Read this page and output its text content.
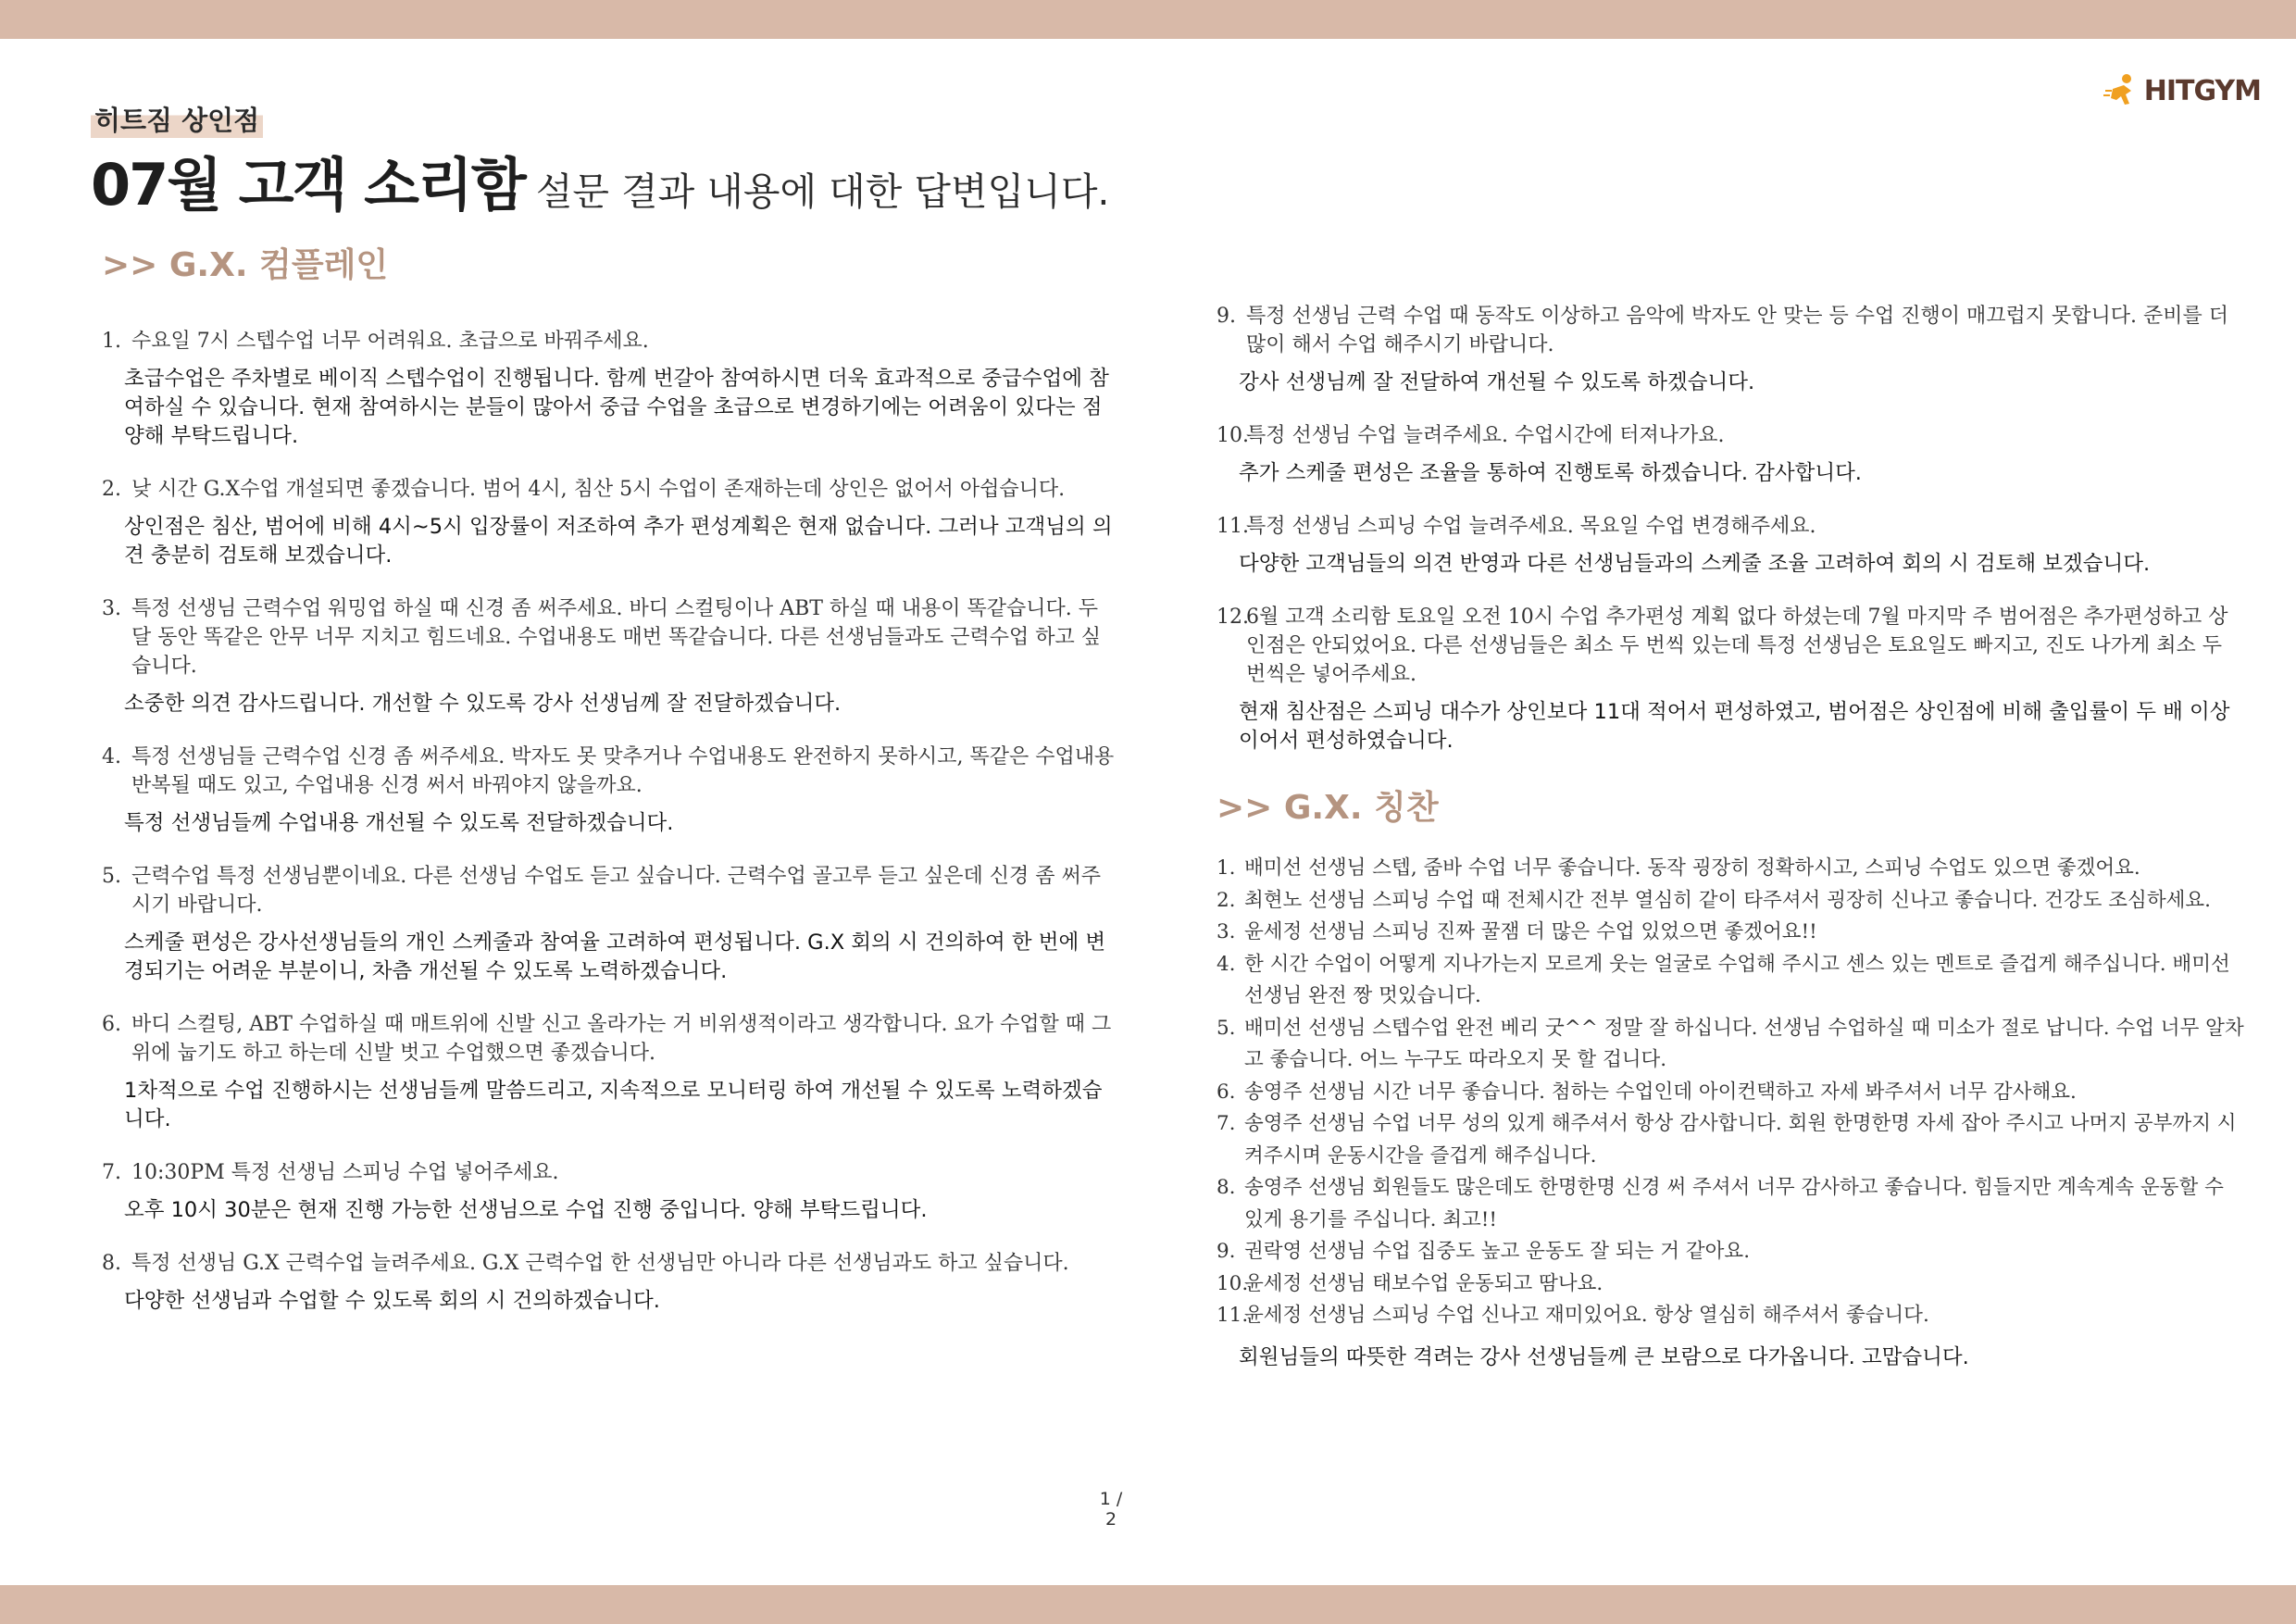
HITGYM
히트짐 상인점
07월 고객 소리함 설문 결과 내용에 대한 답변입니다.
>> G.X. 컴플레인
1. 수요일 7시 스텝수업 너무 어려워요. 초급으로 바꿔주세요.
초급수업은 주차별로 베이직 스텝수업이 진행됩니다. 함께 번갈아 참여하시면 더욱 효과적으로 중급수업에 참여하실 수 있습니다. 현재 참여하시는 분들이 많아서 중급 수업을 초급으로 변경하기에는 어려움이 있다는 점 양해 부탁드립니다.
2. 낮 시간 G.X수업 개설되면 좋겠습니다. 범어 4시, 침산 5시 수업이 존재하는데 상인은 없어서 아쉽습니다.
상인점은 침산, 범어에 비해 4시~5시 입장률이 저조하여 추가 편성계획은 현재 없습니다. 그러나 고객님의 의견 충분히 검토해 보겠습니다.
3. 특정 선생님 근력수업 워밍업 하실 때 신경 좀 써주세요. 바디 스컬팅이나 ABT 하실 때 내용이 똑같습니다. 두 달 동안 똑같은 안무 너무 지치고 힘드네요. 수업내용도 매번 똑같습니다. 다른 선생님들과도 근력수업 하고 싶습니다.
소중한 의견 감사드립니다. 개선할 수 있도록 강사 선생님께 잘 전달하겠습니다.
4. 특정 선생님들 근력수업 신경 좀 써주세요. 박자도 못 맞추거나 수업내용도 완전하지 못하시고, 똑같은 수업내용 반복될 때도 있고, 수업내용 신경 써서 바꿔야지 않을까요.
특정 선생님들께 수업내용 개선될 수 있도록 전달하겠습니다.
5. 근력수업 특정 선생님뿐이네요. 다른 선생님 수업도 듣고 싶습니다. 근력수업 골고루 듣고 싶은데 신경 좀 써주시기 바랍니다.
스케줄 편성은 강사선생님들의 개인 스케줄과 참여율 고려하여 편성됩니다. G.X 회의 시 건의하여 한 번에 변경되기는 어려운 부분이니, 차츰 개선될 수 있도록 노력하겠습니다.
6. 바디 스컬팅, ABT 수업하실 때 매트위에 신발 신고 올라가는 거 비위생적이라고 생각합니다. 요가 수업할 때 그 위에 눕기도 하고 하는데 신발 벗고 수업했으면 좋겠습니다.
1차적으로 수업 진행하시는 선생님들께 말씀드리고, 지속적으로 모니터링 하여 개선될 수 있도록 노력하겠습니다.
7. 10:30PM 특정 선생님 스피닝 수업 넣어주세요.
오후 10시 30분은 현재 진행 가능한 선생님으로 수업 진행 중입니다. 양해 부탁드립니다.
8. 특정 선생님 G.X 근력수업 늘려주세요. G.X 근력수업 한 선생님만 아니라 다른 선생님과도 하고 싶습니다.
다양한 선생님과 수업할 수 있도록 회의 시 건의하겠습니다.
9. 특정 선생님 근력 수업 때 동작도 이상하고 음악에 박자도 안 맞는 등 수업 진행이 매끄럽지 못합니다. 준비를 더 많이 해서 수업 해주시기 바랍니다.
강사 선생님께 잘 전달하여 개선될 수 있도록 하겠습니다.
10.
특정 선생님 수업 늘려주세요. 수업시간에 터져나가요.
추가 스케줄 편성은 조율을 통하여 진행토록 하겠습니다. 감사합니다.
11.
특정 선생님 스피닝 수업 늘려주세요. 목요일 수업 변경해주세요.
다양한 고객님들의 의견 반영과 다른 선생님들과의 스케줄 조율 고려하여 회의 시 검토해 보겠습니다.
12.
6월 고객 소리함 토요일 오전 10시 수업 추가편성 계획 없다 하셨는데 7월 마지막 주 범어점은 추가편성하고 상인점은 안되었어요. 다른 선생님들은 최소 두 번씩 있는데 특정 선생님은 토요일도 빠지고, 진도 나가게 최소 두 번씩은 넣어주세요.
현재 침산점은 스피닝 대수가 상인보다 11대 적어서 편성하였고, 범어점은 상인점에 비해 출입률이 두 배 이상이어서 편성하였습니다.
>> G.X. 칭찬
1. 배미선 선생님 스텝, 줌바 수업 너무 좋습니다. 동작 굉장히 정확하시고, 스피닝 수업도 있으면 좋겠어요.
2. 최현노 선생님 스피닝 수업 때 전체시간 전부 열심히 같이 타주셔서 굉장히 신나고 좋습니다. 건강도 조심하세요.
3. 윤세정 선생님 스피닝 진짜 꿀잼 더 많은 수업 있었으면 좋겠어요!!
4. 한 시간 수업이 어떻게 지나가는지 모르게 웃는 얼굴로 수업해 주시고 센스 있는 멘트로 즐겁게 해주십니다. 배미선 선생님 완전 짱 멋있습니다.
5. 배미선 선생님 스텝수업 완전 베리 굿^^ 정말 잘 하십니다. 선생님 수업하실 때 미소가 절로 납니다. 수업 너무 알차고 좋습니다. 어느 누구도 따라오지 못 할 겁니다.
6. 송영주 선생님 시간 너무 좋습니다. 첨하는 수업인데 아이컨택하고 자세 봐주셔서 너무 감사해요.
7. 송영주 선생님 수업 너무 성의 있게 해주셔서 항상 감사합니다. 회원 한명한명 자세 잡아 주시고 나머지 공부까지 시켜주시며 운동시간을 즐겁게 해주십니다.
8. 송영주 선생님 회원들도 많은데도 한명한명 신경 써 주셔서 너무 감사하고 좋습니다. 힘들지만 계속계속 운동할 수 있게 용기를 주십니다. 최고!!
9. 권락영 선생님 수업 집중도 높고 운동도 잘 되는 거 같아요.
10.
윤세정 선생님 태보수업 운동되고 땀나요.
11.
윤세정 선생님 스피닝 수업 신나고 재미있어요. 항상 열심히 해주셔서 좋습니다.
회원님들의 따뜻한 격려는 강사 선생님들께 큰 보람으로 다가옵니다. 고맙습니다.
1 / 2
